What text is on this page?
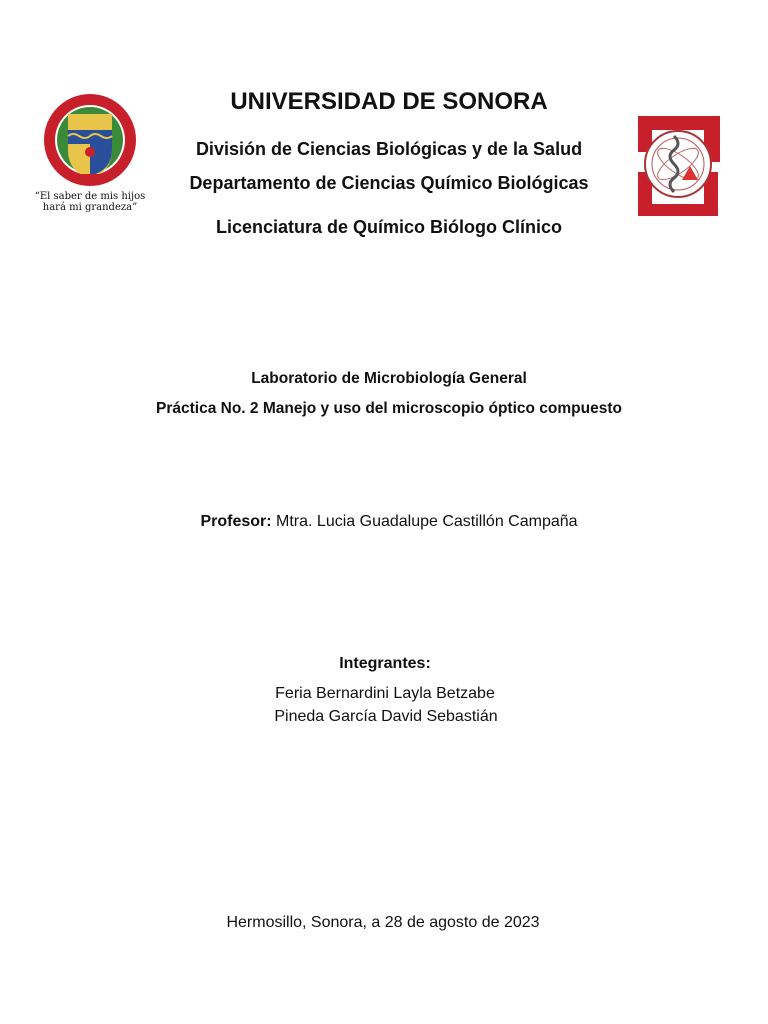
“El saber de mis hijos
hará mi grandeza”
UNIVERSIDAD DE SONORA
División de Ciencias Biológicas y de la Salud
Departamento de Ciencias Químico Biológicas
Licenciatura de Químico Biólogo Clínico
Laboratorio de Microbiología General
Práctica No. 2 Manejo y uso del microscopio óptico compuesto
Profesor: Mtra. Lucia Guadalupe Castillón Campaña
Integrantes:
Feria Bernardini Layla Betzabe
Pineda García David Sebastián
Hermosillo, Sonora, a 28 de agosto de 2023
